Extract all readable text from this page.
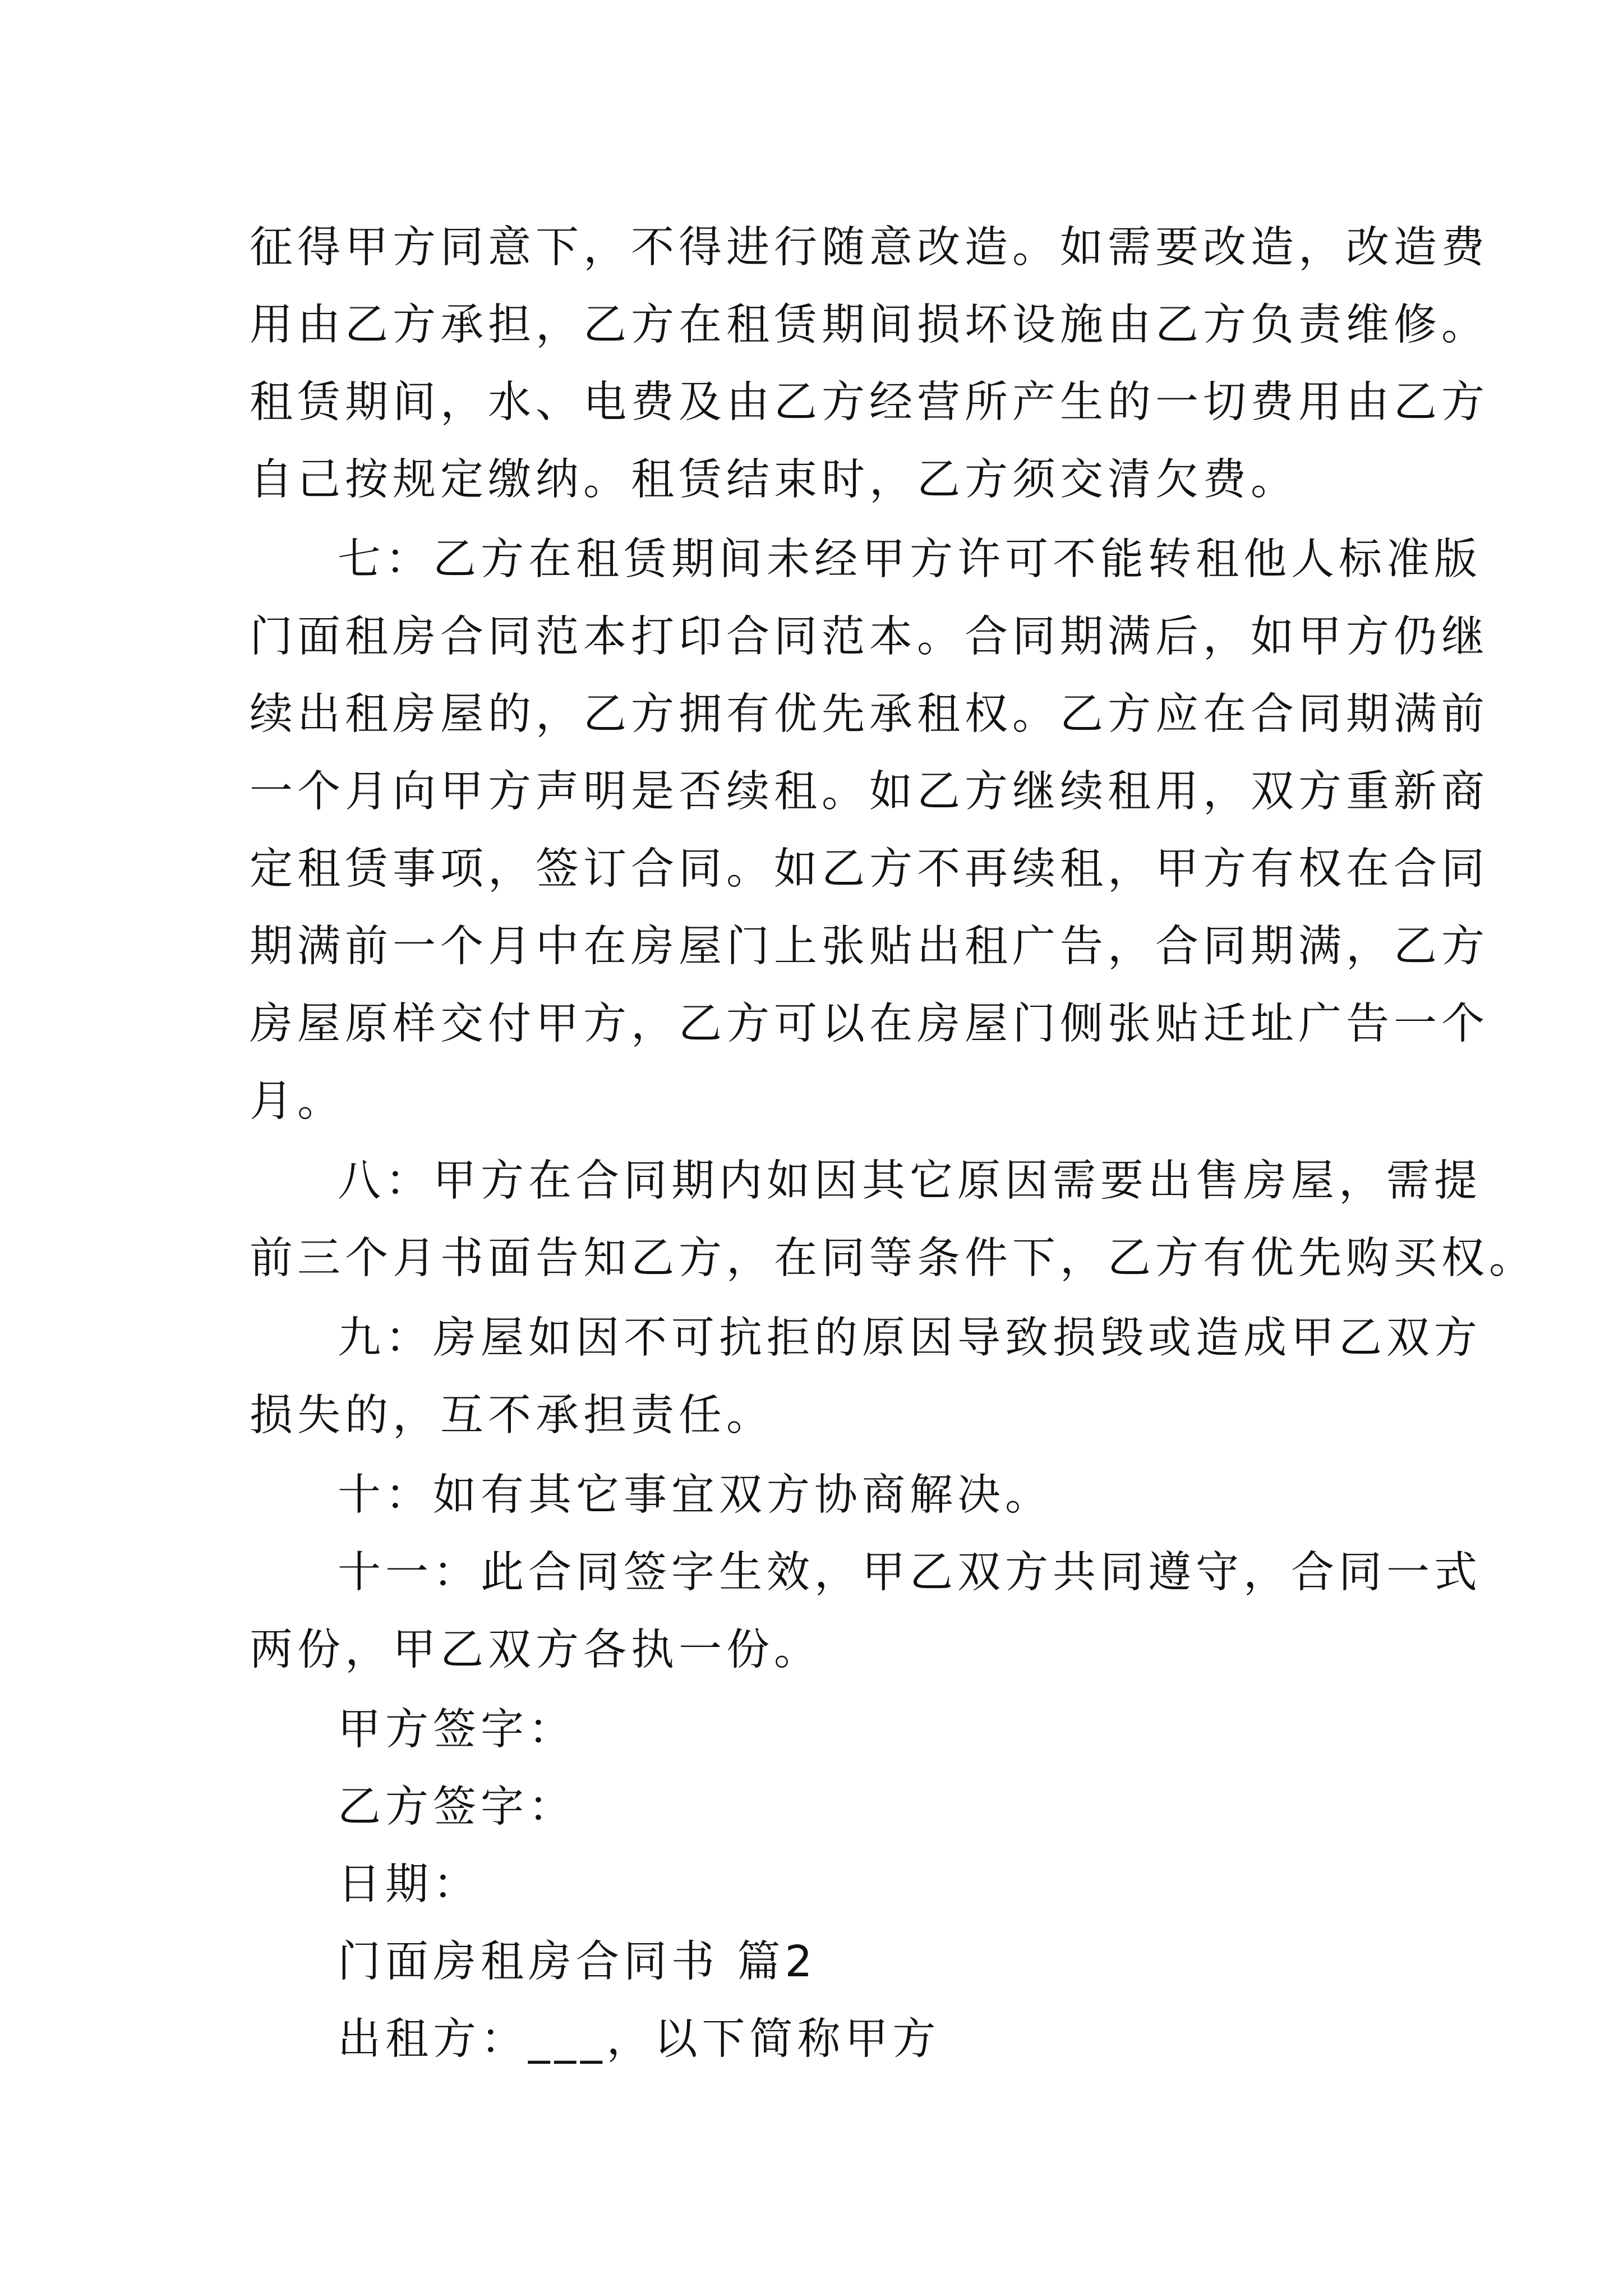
征得甲方同意下，不得进行随意改造。如需要改造，改造费

用由乙方承担，乙方在租赁期间损坏设施由乙方负责维修。

租赁期间，水、电费及由乙方经营所产生的一切费用由乙方

自己按规定缴纳。租赁结束时，乙方须交清欠费。

七：乙方在租赁期间未经甲方许可不能转租他人标准版

门面租房合同范本打印合同范本。合同期满后，如甲方仍继

续出租房屋的，乙方拥有优先承租权。乙方应在合同期满前

一个月向甲方声明是否续租。如乙方继续租用，双方重新商

定租赁事项，签订合同。如乙方不再续租，甲方有权在合同

期满前一个月中在房屋门上张贴出租广告，合同期满，乙方

房屋原样交付甲方，乙方可以在房屋门侧张贴迁址广告一个

月。

八：甲方在合同期内如因其它原因需要出售房屋，需提

前三个月书面告知乙方，在同等条件下，乙方有优先购买权。

九：房屋如因不可抗拒的原因导致损毁或造成甲乙双方

损失的，互不承担责任。

十：如有其它事宜双方协商解决。

十一：此合同签字生效，甲乙双方共同遵守，合同一式

两份，甲乙双方各执一份。

甲方签字：

乙方签字：

日期：

门面房租房合同书 篇2

出租方：___，以下简称甲方
